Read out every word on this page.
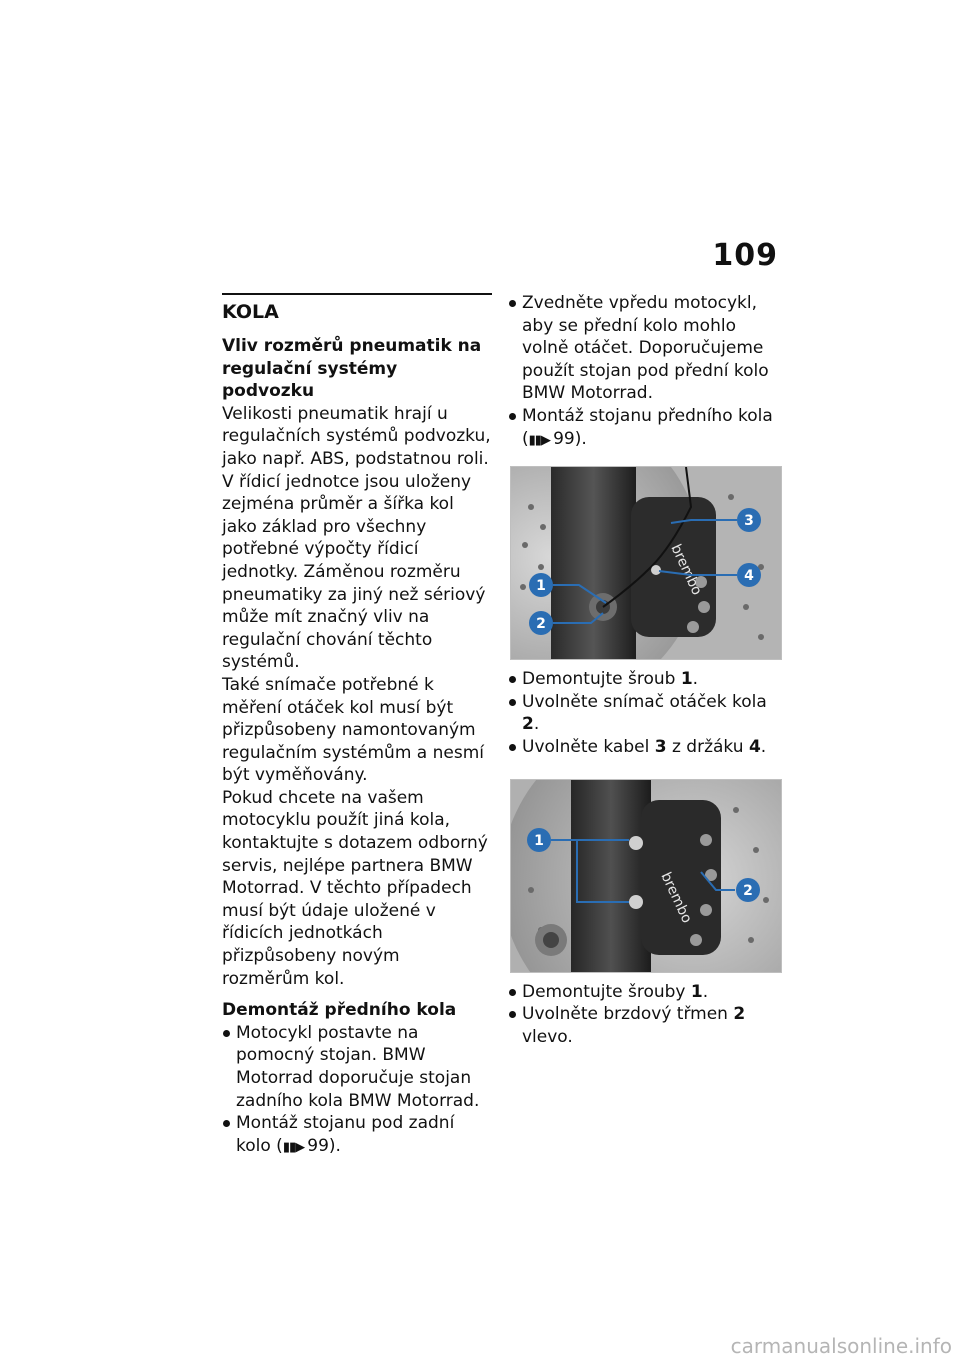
109
KOLA
Vliv rozměrů pneumatik na
regulační systémy podvozku

Velikosti pneumatik hrají u regulačních systémů podvozku, jako např. ABS, podstatnou roli. V řídicí jednotce jsou uloženy zejména průměr a šířka kol jako základ pro všechny potřebné výpočty řídicí jednotky. Záměnou rozměru pneumatiky za jiný než sériový může mít značný vliv na regulační chování těchto systémů.

Také snímače potřebné k měření otáček kol musí být přizpůsobeny namontovaným regulačním systémům a nesmí být vyměňovány.

Pokud chcete na vašem motocyklu použít jiná kola, kontaktujte s dotazem odborný servis, nejlépe partnera BMW Motorrad. V těchto případech musí být údaje uložené v řídicích jednotkách přizpůsobeny novým rozměrům kol.

Demontáž předního kola
Motocykl postavte na pomocný stojan. BMW Motorrad doporučuje stojan zadního kola BMW Motorrad.
Montáž stojanu pod zadní kolo (▮▮▶ 99).
Zvedněte vpředu motocykl, aby se přední kolo mohlo volně otáčet. Doporučujeme použít stojan pod přední kolo BMW Motorrad.
Montáž stojanu předního kola (▮▮▶ 99).
brembo
1
2
3
4
Demontujte šroub 1.
Uvolněte snímač otáček kola 2.
Uvolněte kabel 3 z držáku 4.
brembo
1
2
Demontujte šrouby 1.
Uvolněte brzdový třmen 2 vlevo.
carmanualsonline.info
